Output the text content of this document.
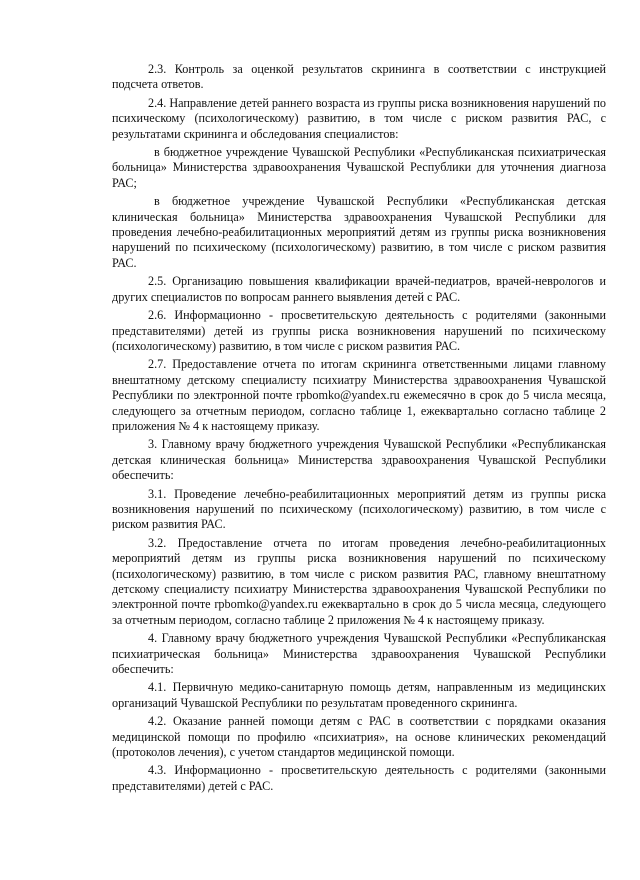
2.3. Контроль за оценкой результатов скрининга в соответствии с инструкцией подсчета ответов.

2.4. Направление детей раннего возраста из группы риска возникновения нарушений по психическому (психологическому) развитию, в том числе с риском развития РАС, с результатами скрининга и обследования специалистов:

в бюджетное учреждение Чувашской Республики «Республиканская психиатрическая больница» Министерства здравоохранения Чувашской Республики для уточнения диагноза РАС;

в бюджетное учреждение Чувашской Республики «Республиканская детская клиническая больница» Министерства здравоохранения Чувашской Республики для проведения лечебно-реабилитационных мероприятий детям из группы риска возникновения нарушений по психическому (психологическому) развитию, в том числе с риском развития РАС.

2.5. Организацию повышения квалификации врачей-педиатров, врачей-неврологов и других специалистов по вопросам раннего выявления детей с РАС.

2.6. Информационно - просветительскую деятельность с родителями (законными представителями) детей из группы риска возникновения нарушений по психическому (психологическому) развитию, в том числе с риском развития РАС.

2.7. Предоставление отчета по итогам скрининга ответственными лицами главному внештатному детскому специалисту психиатру Министерства здравоохранения Чувашской Республики по электронной почте rpbomko@yandex.ru ежемесячно в срок до 5 числа месяца, следующего за отчетным периодом, согласно таблице 1, ежеквартально согласно таблице 2 приложения № 4 к настоящему приказу.

3. Главному врачу бюджетного учреждения Чувашской Республики «Республиканская детская клиническая больница» Министерства здравоохранения Чувашской Республики обеспечить:

3.1. Проведение лечебно-реабилитационных мероприятий детям из группы риска возникновения нарушений по психическому (психологическому) развитию, в том числе с риском развития РАС.

3.2. Предоставление отчета по итогам проведения лечебно-реабилитационных мероприятий детям из группы риска возникновения нарушений по психическому (психологическому) развитию, в том числе с риском развития РАС, главному внештатному детскому специалисту психиатру Министерства здравоохранения Чувашской Республики по электронной почте rpbomko@yandex.ru ежеквартально в срок до 5 числа месяца, следующего за отчетным периодом, согласно таблице 2 приложения № 4 к настоящему приказу.

4. Главному врачу бюджетного учреждения Чувашской Республики «Республиканская психиатрическая больница» Министерства здравоохранения Чувашской Республики обеспечить:

4.1. Первичную медико-санитарную помощь детям, направленным из медицинских организаций Чувашской Республики по результатам проведенного скрининга.

4.2. Оказание ранней помощи детям с РАС в соответствии с порядками оказания медицинской помощи по профилю «психиатрия», на основе клинических рекомендаций (протоколов лечения), с учетом стандартов медицинской помощи.

4.3. Информационно - просветительскую деятельность с родителями (законными представителями) детей с РАС.
